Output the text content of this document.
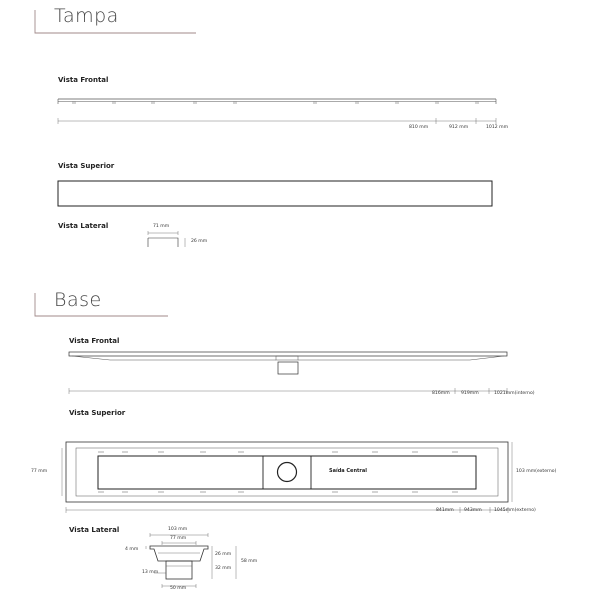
Tampa
Vista Frontal
810 mm	912 mm	1012 mm
Vista Superior
Vista Lateral	71 mm
26 mm
Base
Vista Frontal
816mm 919mm	1021mm(interno)
Vista Superior
77 mm	103 mm(externo)
Saída Central
841mm 943mm	1045mm(externo)
Vista Lateral	103 mm
77 mm
4 mm
13 mm
50 mm
26 mm
32 mm
58 mm
